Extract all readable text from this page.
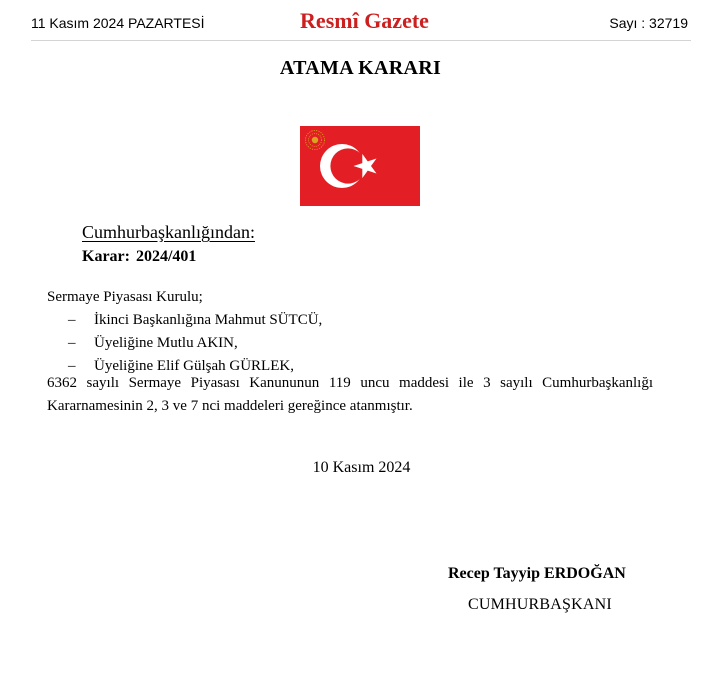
11 Kasım 2024 PAZARTESİ	Resmî Gazete	Sayı : 32719
ATAMA KARARI
Cumhurbaşkanlığından:
Karar: 2024/401
Sermaye Piyasası Kurulu;
–	İkinci Başkanlığına Mahmut SÜTCÜ,
–	Üyeliğine Mutlu AKIN,
–	Üyeliğine Elif Gülşah GÜRLEK,
6362 sayılı Sermaye Piyasası Kanununun 119 uncu maddesi ile 3 sayılı Cumhurbaşkanlığı
Kararnamesinin 2, 3 ve 7 nci maddeleri gereğince atanmıştır.
10 Kasım 2024
Recep Tayyip ERDOĞAN
CUMHURBAŞKANI
